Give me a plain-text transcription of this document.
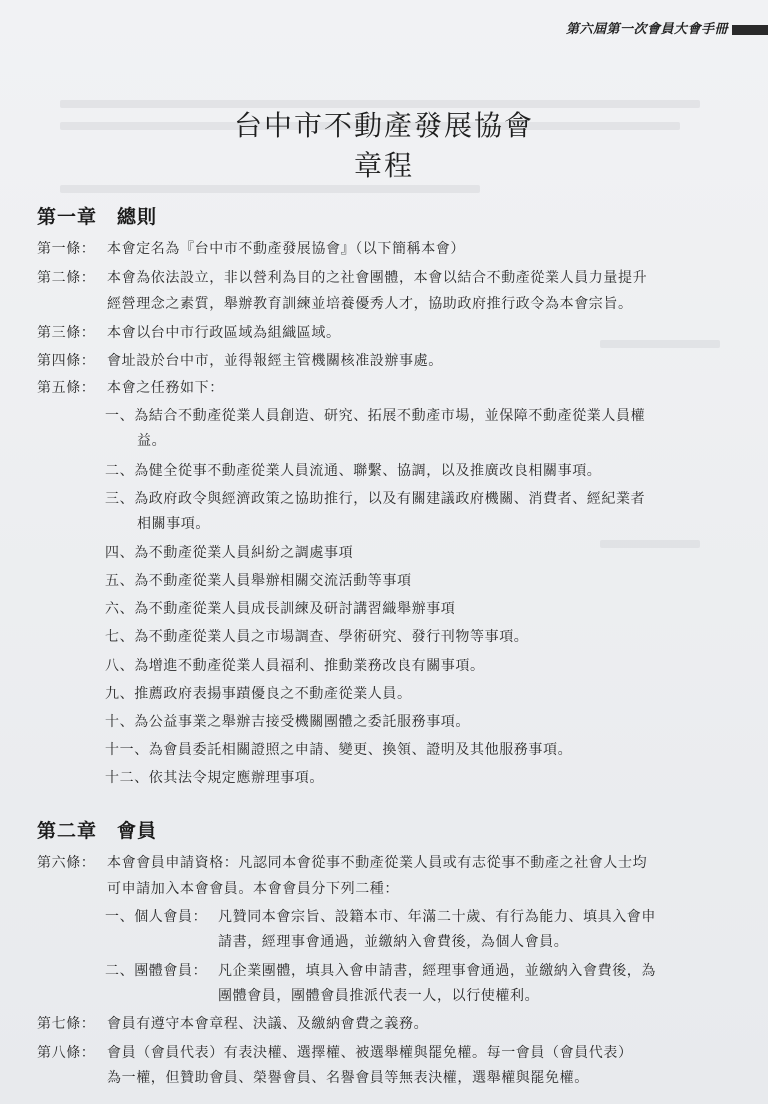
第六屆第一次會員大會手冊
台中市不動產發展協會
章程
第一章　總則
第一條： 本會定名為『台中市不動產發展協會』（以下簡稱本會）
第二條： 本會為依法設立，非以營利為目的之社會團體，本會以結合不動產從業人員力量提升
經營理念之素質，舉辦教育訓練並培養優秀人才，協助政府推行政令為本會宗旨。
第三條： 本會以台中市行政區域為組織區域。
第四條： 會址設於台中市，並得報經主管機關核准設辦事處。
第五條： 本會之任務如下：
一、為結合不動產從業人員創造、研究、拓展不動產市場，並保障不動產從業人員權
益。
二、為健全從事不動產從業人員流通、聯繫、協調，以及推廣改良相關事項。
三、為政府政令與經濟政策之協助推行，以及有關建議政府機關、消費者、經紀業者
相關事項。
四、為不動產從業人員糾紛之調處事項
五、為不動產從業人員舉辦相關交流活動等事項
六、為不動產從業人員成長訓練及研討講習織舉辦事項
七、為不動產從業人員之市場調查、學術研究、發行刊物等事項。
八、為增進不動產從業人員福利、推動業務改良有關事項。
九、推薦政府表揚事蹟優良之不動產從業人員。
十、為公益事業之舉辦吉接受機關團體之委託服務事項。
十一、為會員委託相關證照之申請、變更、換領、證明及其他服務事項。
十二、依其法令規定應辦理事項。
第二章　會員
第六條： 本會會員申請資格：凡認同本會從事不動產從業人員或有志從事不動產之社會人士均
可申請加入本會會員。本會會員分下列二種：
一、個人會員： 凡贊同本會宗旨、設籍本市、年滿二十歲、有行為能力、填具入會申
請書，經理事會通過，並繳納入會費後，為個人會員。
二、團體會員： 凡企業團體，填具入會申請書，經理事會通過，並繳納入會費後，為
團體會員，團體會員推派代表一人，以行使權利。
第七條： 會員有遵守本會章程、決議、及繳納會費之義務。
第八條： 會員（會員代表）有表決權、選擇權、被選舉權與罷免權。每一會員（會員代表）
為一權，但贊助會員、榮譽會員、名譽會員等無表決權，選舉權與罷免權。
